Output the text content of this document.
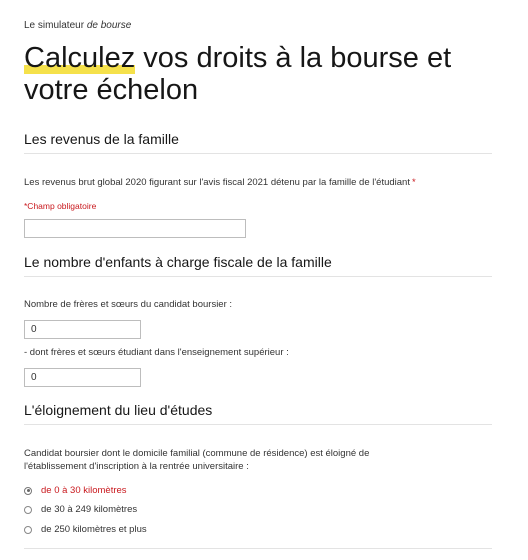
Le simulateur de bourse
Calculez vos droits à la bourse et votre échelon
Les revenus de la famille
Les revenus brut global 2020 figurant sur l'avis fiscal 2021 détenu par la famille de l'étudiant *
*Champ obligatoire
Le nombre d'enfants à charge fiscale de la famille
Nombre de frères et sœurs du candidat boursier :
0
- dont frères et sœurs étudiant dans l'enseignement supérieur :
0
L'éloignement du lieu d'études
Candidat boursier dont le domicile familial (commune de résidence) est éloigné de
l'établissement d'inscription à la rentrée universitaire :
de 0 à 30 kilomètres
de 30 à 249 kilomètres
de 250 kilomètres et plus
